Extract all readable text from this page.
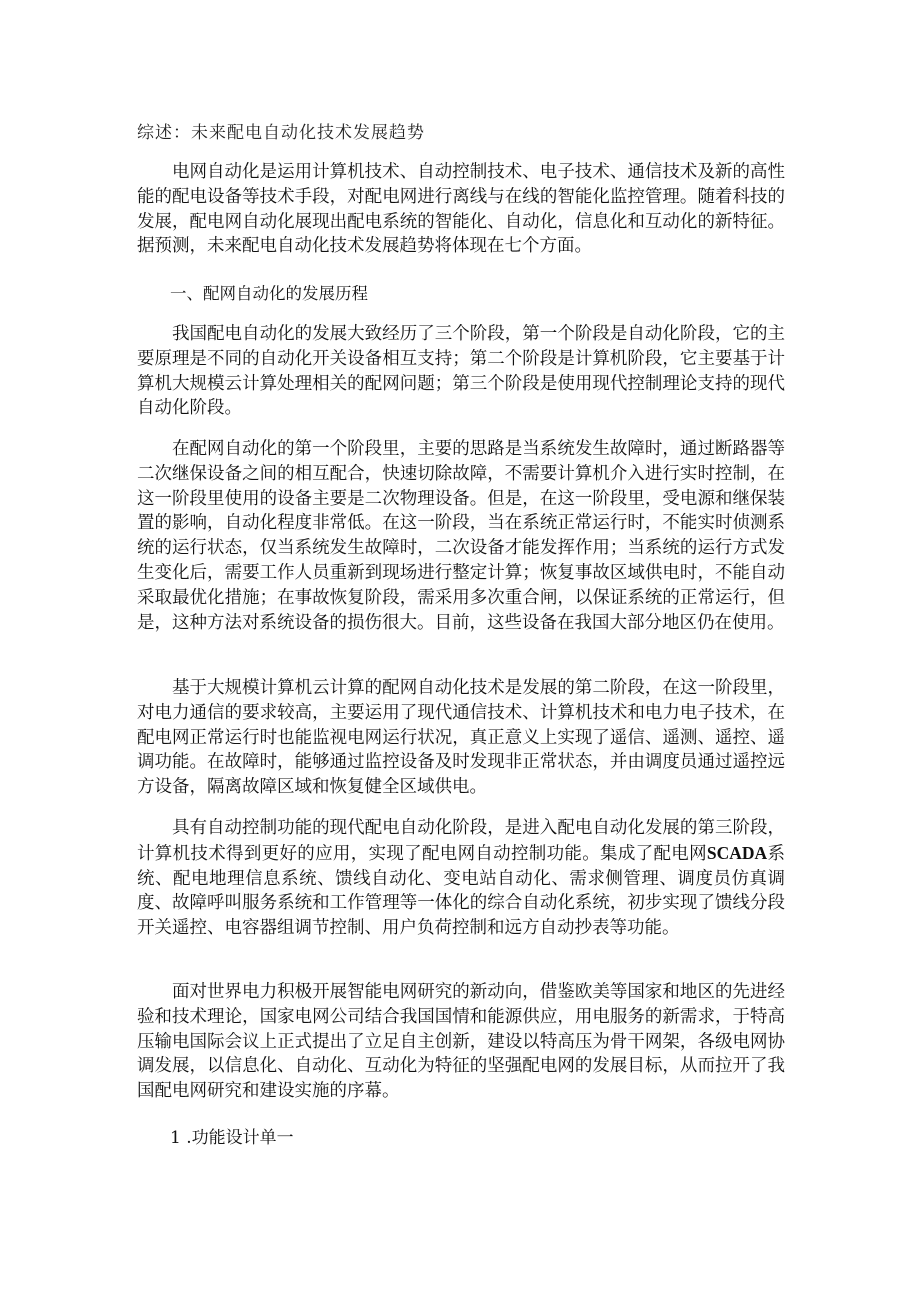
综述：未来配电自动化技术发展趋势

电网自动化是运用计算机技术、自动控制技术、电子技术、通信技术及新的高性能的配电设备等技术手段，对配电网进行离线与在线的智能化监控管理。随着科技的发展，配电网自动化展现出配电系统的智能化、自动化，信息化和互动化的新特征。据预测，未来配电自动化技术发展趋势将体现在七个方面。

一、配网自动化的发展历程

我国配电自动化的发展大致经历了三个阶段，第一个阶段是自动化阶段，它的主要原理是不同的自动化开关设备相互支持；第二个阶段是计算机阶段，它主要基于计算机大规模云计算处理相关的配网问题；第三个阶段是使用现代控制理论支持的现代自动化阶段。

在配网自动化的第一个阶段里，主要的思路是当系统发生故障时，通过断路器等二次继保设备之间的相互配合，快速切除故障，不需要计算机介入进行实时控制，在这一阶段里使用的设备主要是二次物理设备。但是，在这一阶段里，受电源和继保装置的影响，自动化程度非常低。在这一阶段，当在系统正常运行时，不能实时侦测系统的运行状态，仅当系统发生故障时，二次设备才能发挥作用；当系统的运行方式发生变化后，需要工作人员重新到现场进行整定计算；恢复事故区域供电时，不能自动采取最优化措施；在事故恢复阶段，需采用多次重合闸，以保证系统的正常运行，但是，这种方法对系统设备的损伤很大。目前，这些设备在我国大部分地区仍在使用。

基于大规模计算机云计算的配网自动化技术是发展的第二阶段，在这一阶段里，对电力通信的要求较高，主要运用了现代通信技术、计算机技术和电力电子技术，在配电网正常运行时也能监视电网运行状况，真正意义上实现了遥信、遥测、遥控、遥调功能。在故障时，能够通过监控设备及时发现非正常状态，并由调度员通过遥控远方设备，隔离故障区域和恢复健全区域供电。

具有自动控制功能的现代配电自动化阶段，是进入配电自动化发展的第三阶段，计算机技术得到更好的应用，实现了配电网自动控制功能。集成了配电网SCADA系统、配电地理信息系统、馈线自动化、变电站自动化、需求侧管理、调度员仿真调度、故障呼叫服务系统和工作管理等一体化的综合自动化系统，初步实现了馈线分段开关遥控、电容器组调节控制、用户负荷控制和远方自动抄表等功能。

面对世界电力积极开展智能电网研究的新动向，借鉴欧美等国家和地区的先进经验和技术理论，国家电网公司结合我国国情和能源供应，用电服务的新需求，于特高压输电国际会议上正式提出了立足自主创新，建设以特高压为骨干网架，各级电网协调发展，以信息化、自动化、互动化为特征的坚强配电网的发展目标，从而拉开了我国配电网研究和建设实施的序幕。

1 .功能设计单一
